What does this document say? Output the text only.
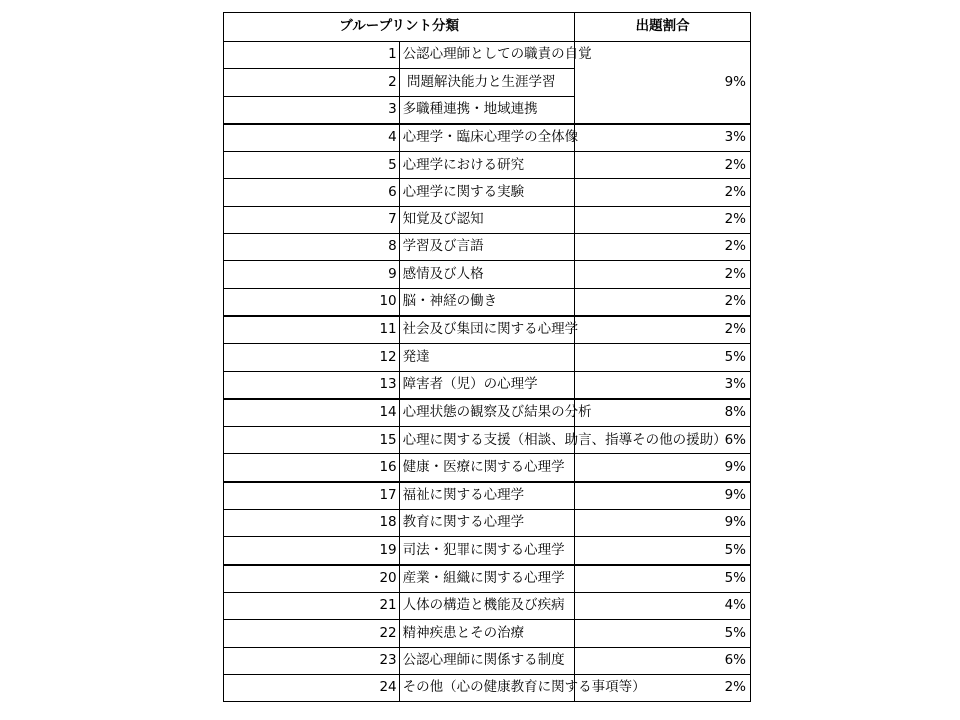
ブループリント分類		出題割合
1	公認心理師としての職責の自覚	9%
2	問題解決能力と生涯学習	
3	多職種連携・地域連携	
4	心理学・臨床心理学の全体像	3%
5	心理学における研究	2%
6	心理学に関する実験	2%
7	知覚及び認知	2%
8	学習及び言語	2%
9	感情及び人格	2%
10	脳・神経の働き	2%
11	社会及び集団に関する心理学	2%
12	発達	5%
13	障害者（児）の心理学	3%
14	心理状態の観察及び結果の分析	8%
15	心理に関する支援（相談、助言、指導その他の援助）	6%
16	健康・医療に関する心理学	9%
17	福祉に関する心理学	9%
18	教育に関する心理学	9%
19	司法・犯罪に関する心理学	5%
20	産業・組織に関する心理学	5%
21	人体の構造と機能及び疾病	4%
22	精神疾患とその治療	5%
23	公認心理師に関係する制度	6%
24	その他（心の健康教育に関する事項等）	2%
